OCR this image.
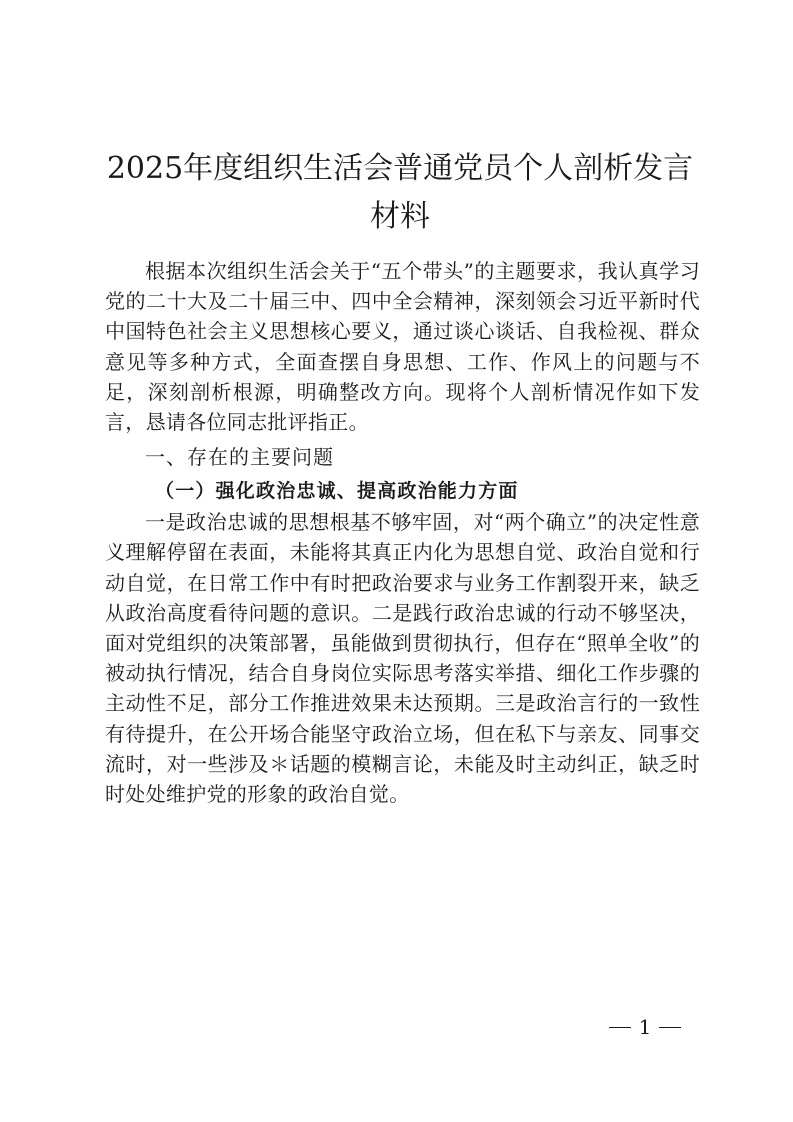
2025年度组织生活会普通党员个人剖析发言
材料

根据本次组织生活会关于“五个带头”的主题要求，我认真学习党的二十大及二十届三中、四中全会精神，深刻领会习近平新时代中国特色社会主义思想核心要义，通过谈心谈话、自我检视、群众意见等多种方式，全面查摆自身思想、工作、作风上的问题与不足，深刻剖析根源，明确整改方向。现将个人剖析情况作如下发言，恳请各位同志批评指正。

一、存在的主要问题
（一）强化政治忠诚、提高政治能力方面

一是政治忠诚的思想根基不够牢固，对“两个确立”的决定性意义理解停留在表面，未能将其真正内化为思想自觉、政治自觉和行动自觉，在日常工作中有时把政治要求与业务工作割裂开来，缺乏从政治高度看待问题的意识。二是践行政治忠诚的行动不够坚决，面对党组织的决策部署，虽能做到贯彻执行，但存在“照单全收”的被动执行情况，结合自身岗位实际思考落实举措、细化工作步骤的主动性不足，部分工作推进效果未达预期。三是政治言行的一致性有待提升，在公开场合能坚守政治立场，但在私下与亲友、同事交流时，对一些涉及＊话题的模糊言论，未能及时主动纠正，缺乏时时处处维护党的形象的政治自觉。

1
